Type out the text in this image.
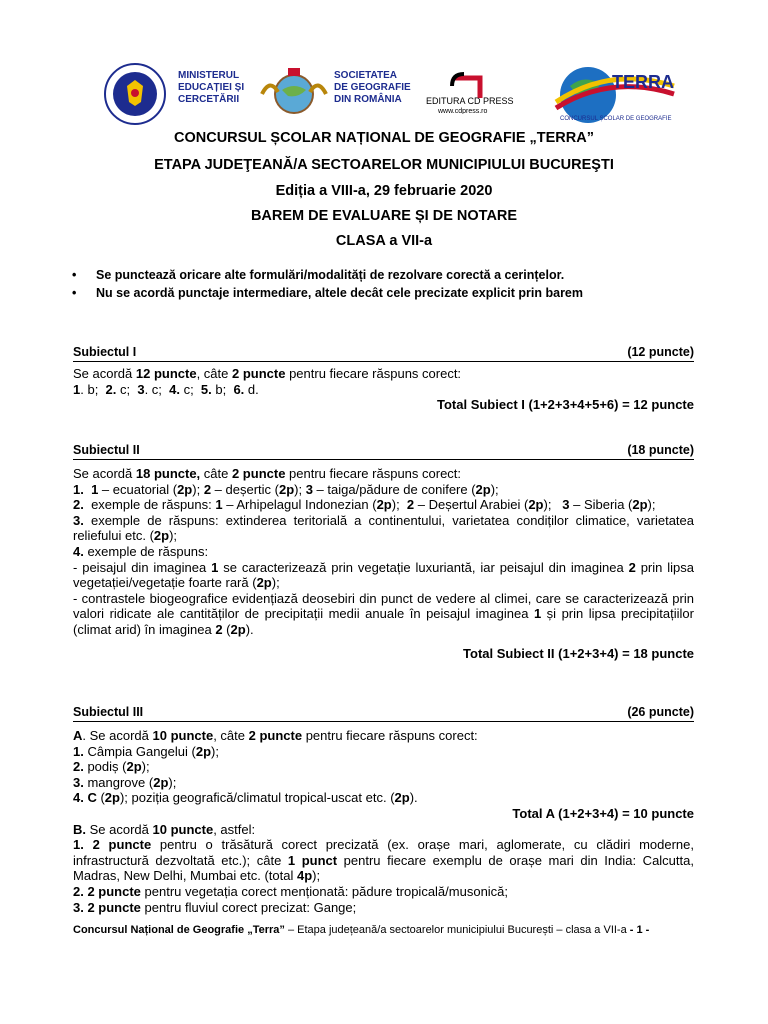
MINISTERUL
EDUCAȚIEI ȘI
CERCETĂRII
SOCIETATEA
DE GEOGRAFIE
DIN ROMÂNIA	EDITURA CD PRESS
www.cdpress.ro
TERRA
CONCURSUL ȘCOLAR DE GEOGRAFIE
CONCURSUL ȘCOLAR NAȚIONAL DE GEOGRAFIE „TERRA”
ETAPA JUDEŢEANĂ/A SECTOARELOR MUNICIPIULUI BUCUREŞTI
Ediția a VIII-a, 29 februarie 2020
BAREM DE EVALUARE ȘI DE NOTARE
CLASA a VII-a
• Se punctează oricare alte formulări/modalități de rezolvare corectă a cerințelor.
• Nu se acordă punctaje intermediare, altele decât cele precizate explicit prin barem
Subiectul I	(12 puncte)

Se acordă 12 puncte, câte 2 puncte pentru fiecare răspuns corect:

1. b;  2. c;  3. c;  4. c;  5. b;  6. d.

Total Subiect I (1+2+3+4+5+6) = 12 puncte

Subiectul II	(18 puncte)

Se acordă 18 puncte, câte 2 puncte pentru fiecare răspuns corect:

1. 1 – ecuatorial (2p); 2 – deșertic (2p); 3 – taiga/pădure de conifere (2p);

2.  exemple de răspuns: 1 – Arhipelagul Indonezian (2p);  2 – Deșertul Arabiei (2p);   3 – Siberia (2p);

3. exemple de răspuns: extinderea teritorială a continentului, varietatea condiților climatice, varietatea reliefului etc. (2p);

4. exemple de răspuns:

- peisajul din imaginea 1 se caracterizează prin vegetație luxuriantă, iar peisajul din imaginea 2 prin lipsa vegetației/vegetație foarte rară (2p);

- contrastele biogeografice evidențiază deosebiri din punct de vedere al climei, care se caracterizează prin valori ridicate ale cantităților de precipitații medii anuale în peisajul imaginea 1 și prin lipsa precipitațiilor (climat arid) în imaginea 2 (2p).

Total Subiect II (1+2+3+4) = 18 puncte

Subiectul III	(26 puncte)

A. Se acordă 10 puncte, câte 2 puncte pentru fiecare răspuns corect:

1. Câmpia Gangelui (2p);

2. podiș (2p);

3. mangrove (2p);

4. C (2p); poziția geografică/climatul tropical-uscat etc. (2p).

Total A (1+2+3+4) = 10 puncte

B. Se acordă 10 puncte, astfel:

1. 2 puncte pentru o trăsătură corect precizată (ex. orașe mari, aglomerate, cu clădiri moderne, infrastructură dezvoltată etc.); câte 1 punct pentru fiecare exemplu de orașe mari din India: Calcutta, Madras, New Delhi, Mumbai etc. (total 4p);

2. 2 puncte pentru vegetația corect menționată: pădure tropicală/musonică;

3. 2 puncte pentru fluviul corect precizat: Gange;

Concursul Național de Geografie „Terra” – Etapa județeană/a sectoarelor municipiului București – clasa a VII-a - 1 -
